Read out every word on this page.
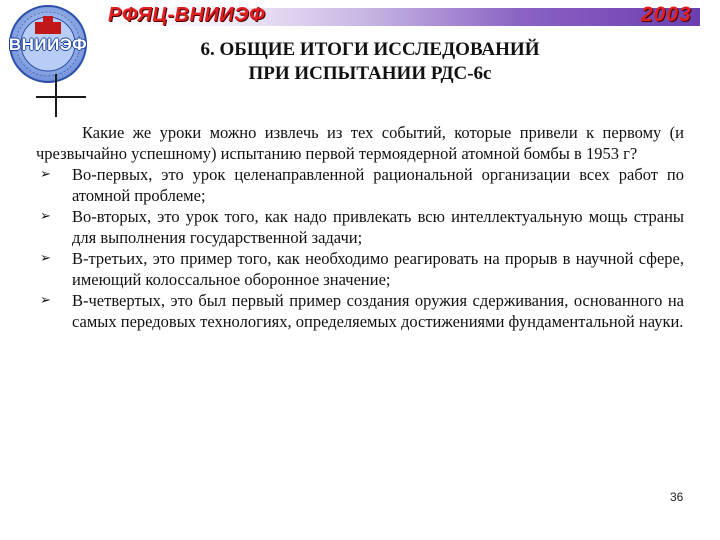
РФЯЦ-ВНИИЭФ	2003
ВНИИЭФ	6. ОБЩИЕ ИТОГИ ИССЛЕДОВАНИЙ
ПРИ ИСПЫТАНИИ РДС-6с

Какие же уроки можно извлечь из тех событий, которые привели к первому (и чрезвычайно успешному) испытанию первой термоядерной атомной бомбы в 1953 г?

➢ Во-первых, это урок целенаправленной рациональной организации всех работ по атомной проблеме;
➢ Во-вторых, это урок того, как надо привлекать всю интеллектуальную мощь страны для выполнения государственной задачи;
➢ В-третьих, это пример того, как необходимо реагировать на прорыв в научной сфере, имеющий колоссальное оборонное значение;
➢ В-четвертых, это был первый пример создания оружия сдерживания, основанного на самых передовых технологиях, определяемых достижениями фундаментальной науки.
36
